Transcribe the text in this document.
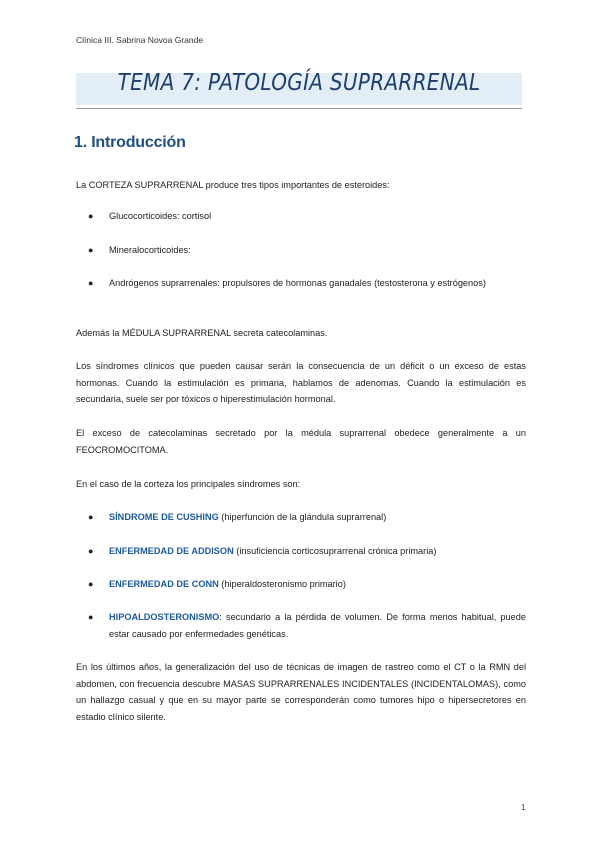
Clínica III. Sabrina Novoa Grande
TEMA 7: PATOLOGÍA SUPRARRENAL
1. Introducción
La CORTEZA SUPRARRENAL produce tres tipos importantes de esteroides:
● Glucocorticoides: cortisol
● Mineralocorticoides:
● Andrógenos suprarrenales: propulsores de hormonas ganadales (testosterona y estrógenos)
Además la MÉDULA SUPRARRENAL secreta catecolaminas.
Los síndromes clínicos que pueden causar serán la consecuencia de un déficit o un exceso de estas hormonas. Cuando la estimulación es primaria, hablamos de adenomas. Cuando la estimulación es secundaria, suele ser por tóxicos o hiperestimulación hormonal.
El exceso de catecolaminas secretado por la médula suprarrenal obedece generalmente a un FEOCROMOCITOMA.
En el caso de la corteza los principales síndromes son:
● SÍNDROME DE CUSHING (hiperfunción de la glándula suprarrenal)
● ENFERMEDAD DE ADDISON (insuficiencia corticosuprarrenal crónica primaria)
● ENFERMEDAD DE CONN (hiperaldosteronismo primario)
● HIPOALDOSTERONISMO: secundario a la pérdida de volumen. De forma menos habitual, puede estar causado por enfermedades genéticas.
En los últimos años, la generalización del uso de técnicas de imagen de rastreo como el CT o la RMN del abdomen, con frecuencia descubre MASAS SUPRARRENALES INCIDENTALES (INCIDENTALOMAS), como un hallazgo casual y que en su mayor parte se corresponderán como tumores hipo o hipersecretores en estadio clínico silente.
1
